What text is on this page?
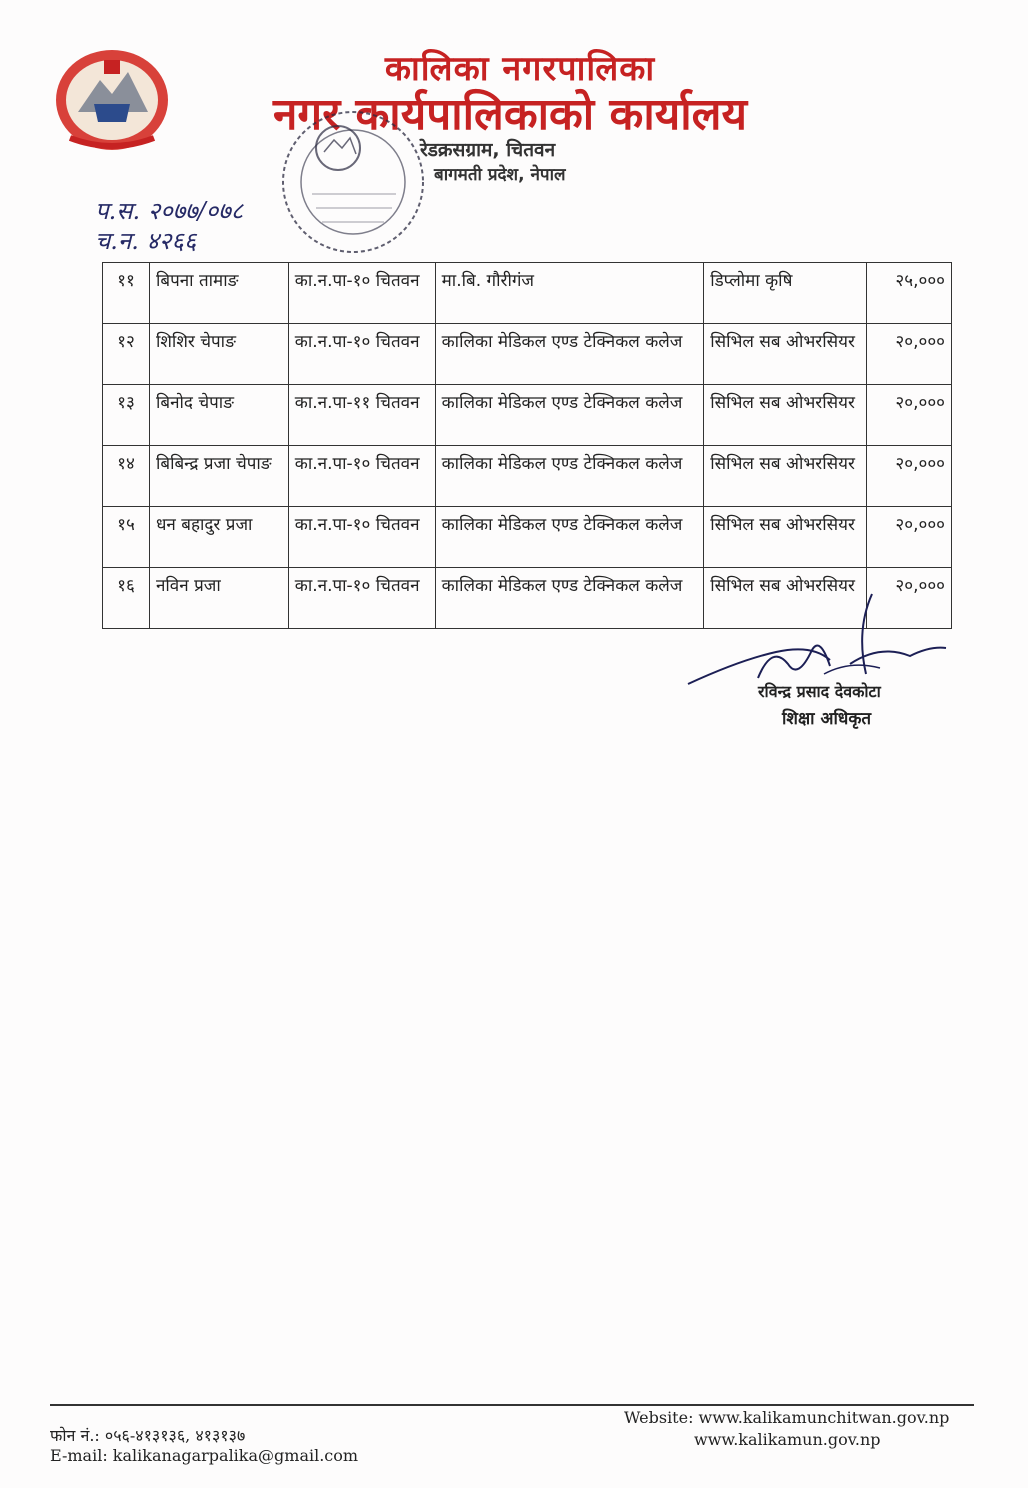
कालिका नगरपालिका
नगर कार्यपालिकाको कार्यालय
रेडक्रसग्राम, चितवन
बागमती प्रदेश, नेपाल
प.स. २०७७/०७८
च.न. ४२६६
११	बिपना तामाङ	का.न.पा-१० चितवन	मा.बि. गौरीगंज	डिप्लोमा कृषि	२५,०००
१२	शिशिर चेपाङ	का.न.पा-१० चितवन	कालिका मेडिकल एण्ड टेक्निकल कलेज	सिभिल सब ओभरसियर	२०,०००
१३	बिनोद चेपाङ	का.न.पा-११ चितवन	कालिका मेडिकल एण्ड टेक्निकल कलेज	सिभिल सब ओभरसियर	२०,०००
१४	बिबिन्द्र प्रजा चेपाङ	का.न.पा-१० चितवन	कालिका मेडिकल एण्ड टेक्निकल कलेज	सिभिल सब ओभरसियर	२०,०००
१५	धन बहादुर प्रजा	का.न.पा-१० चितवन	कालिका मेडिकल एण्ड टेक्निकल कलेज	सिभिल सब ओभरसियर	२०,०००
१६	नविन प्रजा	का.न.पा-१० चितवन	कालिका मेडिकल एण्ड टेक्निकल कलेज	सिभिल सब ओभरसियर	२०,०००
रविन्द्र प्रसाद देवकोटा
शिक्षा अधिकृत
फोन नं.: ०५६-४१३१३६, ४१३१३७
E-mail: kalikanagarpalika@gmail.com
Website: www.kalikamunchitwan.gov.np
www.kalikamun.gov.np
